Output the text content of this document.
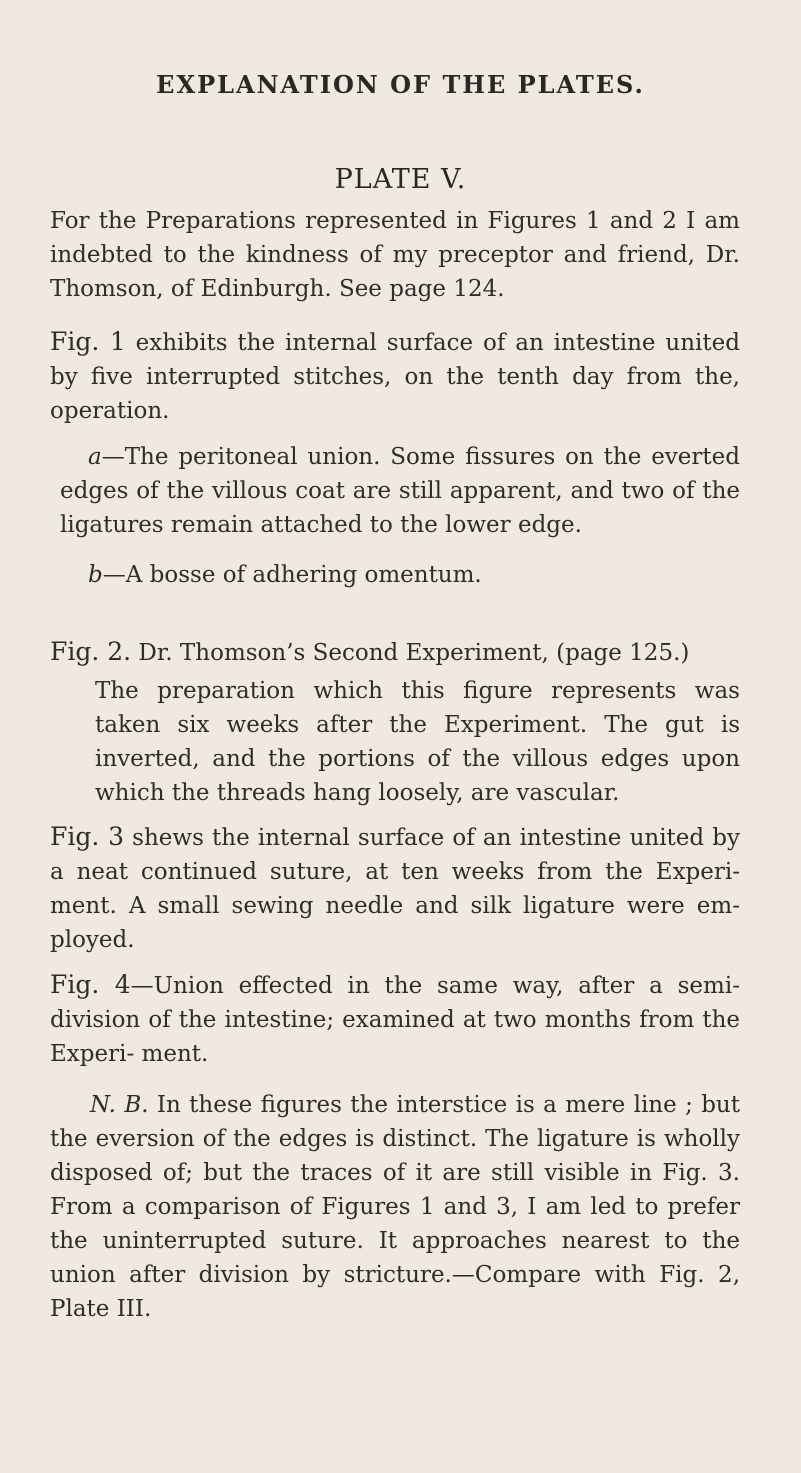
EXPLANATION OF THE PLATES.
PLATE V.

For the Preparations represented in Figures 1 and 2 I am indebted to the kindness of my preceptor and friend, Dr. Thomson, of Edinburgh. See page 124.

Fig. 1 exhibits the internal surface of an intestine united by five interrupted stitches, on the tenth day from the, operation.

a—The peritoneal union. Some fissures on the everted edges of the villous coat are still apparent, and two of the ligatures remain attached to the lower edge.

b—A bosse of adhering omentum.

Fig. 2. Dr. Thomson’s Second Experiment, (page 125.)

The preparation which this figure represents was taken six weeks after the Experiment. The gut is inverted, and the portions of the villous edges upon which the threads hang loosely, are vascular.

Fig. 3 shews the internal surface of an intestine united by a neat continued suture, at ten weeks from the Experi- ment. A small sewing needle and silk ligature were em- ployed.

Fig. 4—Union effected in the same way, after a semi-division of the intestine; examined at two months from the Experi- ment.

N. B. In these figures the interstice is a mere line ; but the eversion of the edges is distinct. The ligature is wholly disposed of; but the traces of it are still visible in Fig. 3. From a comparison of Figures 1 and 3, I am led to prefer the uninterrupted suture. It approaches nearest to the union after division by stricture.—Compare with Fig. 2, Plate III.
